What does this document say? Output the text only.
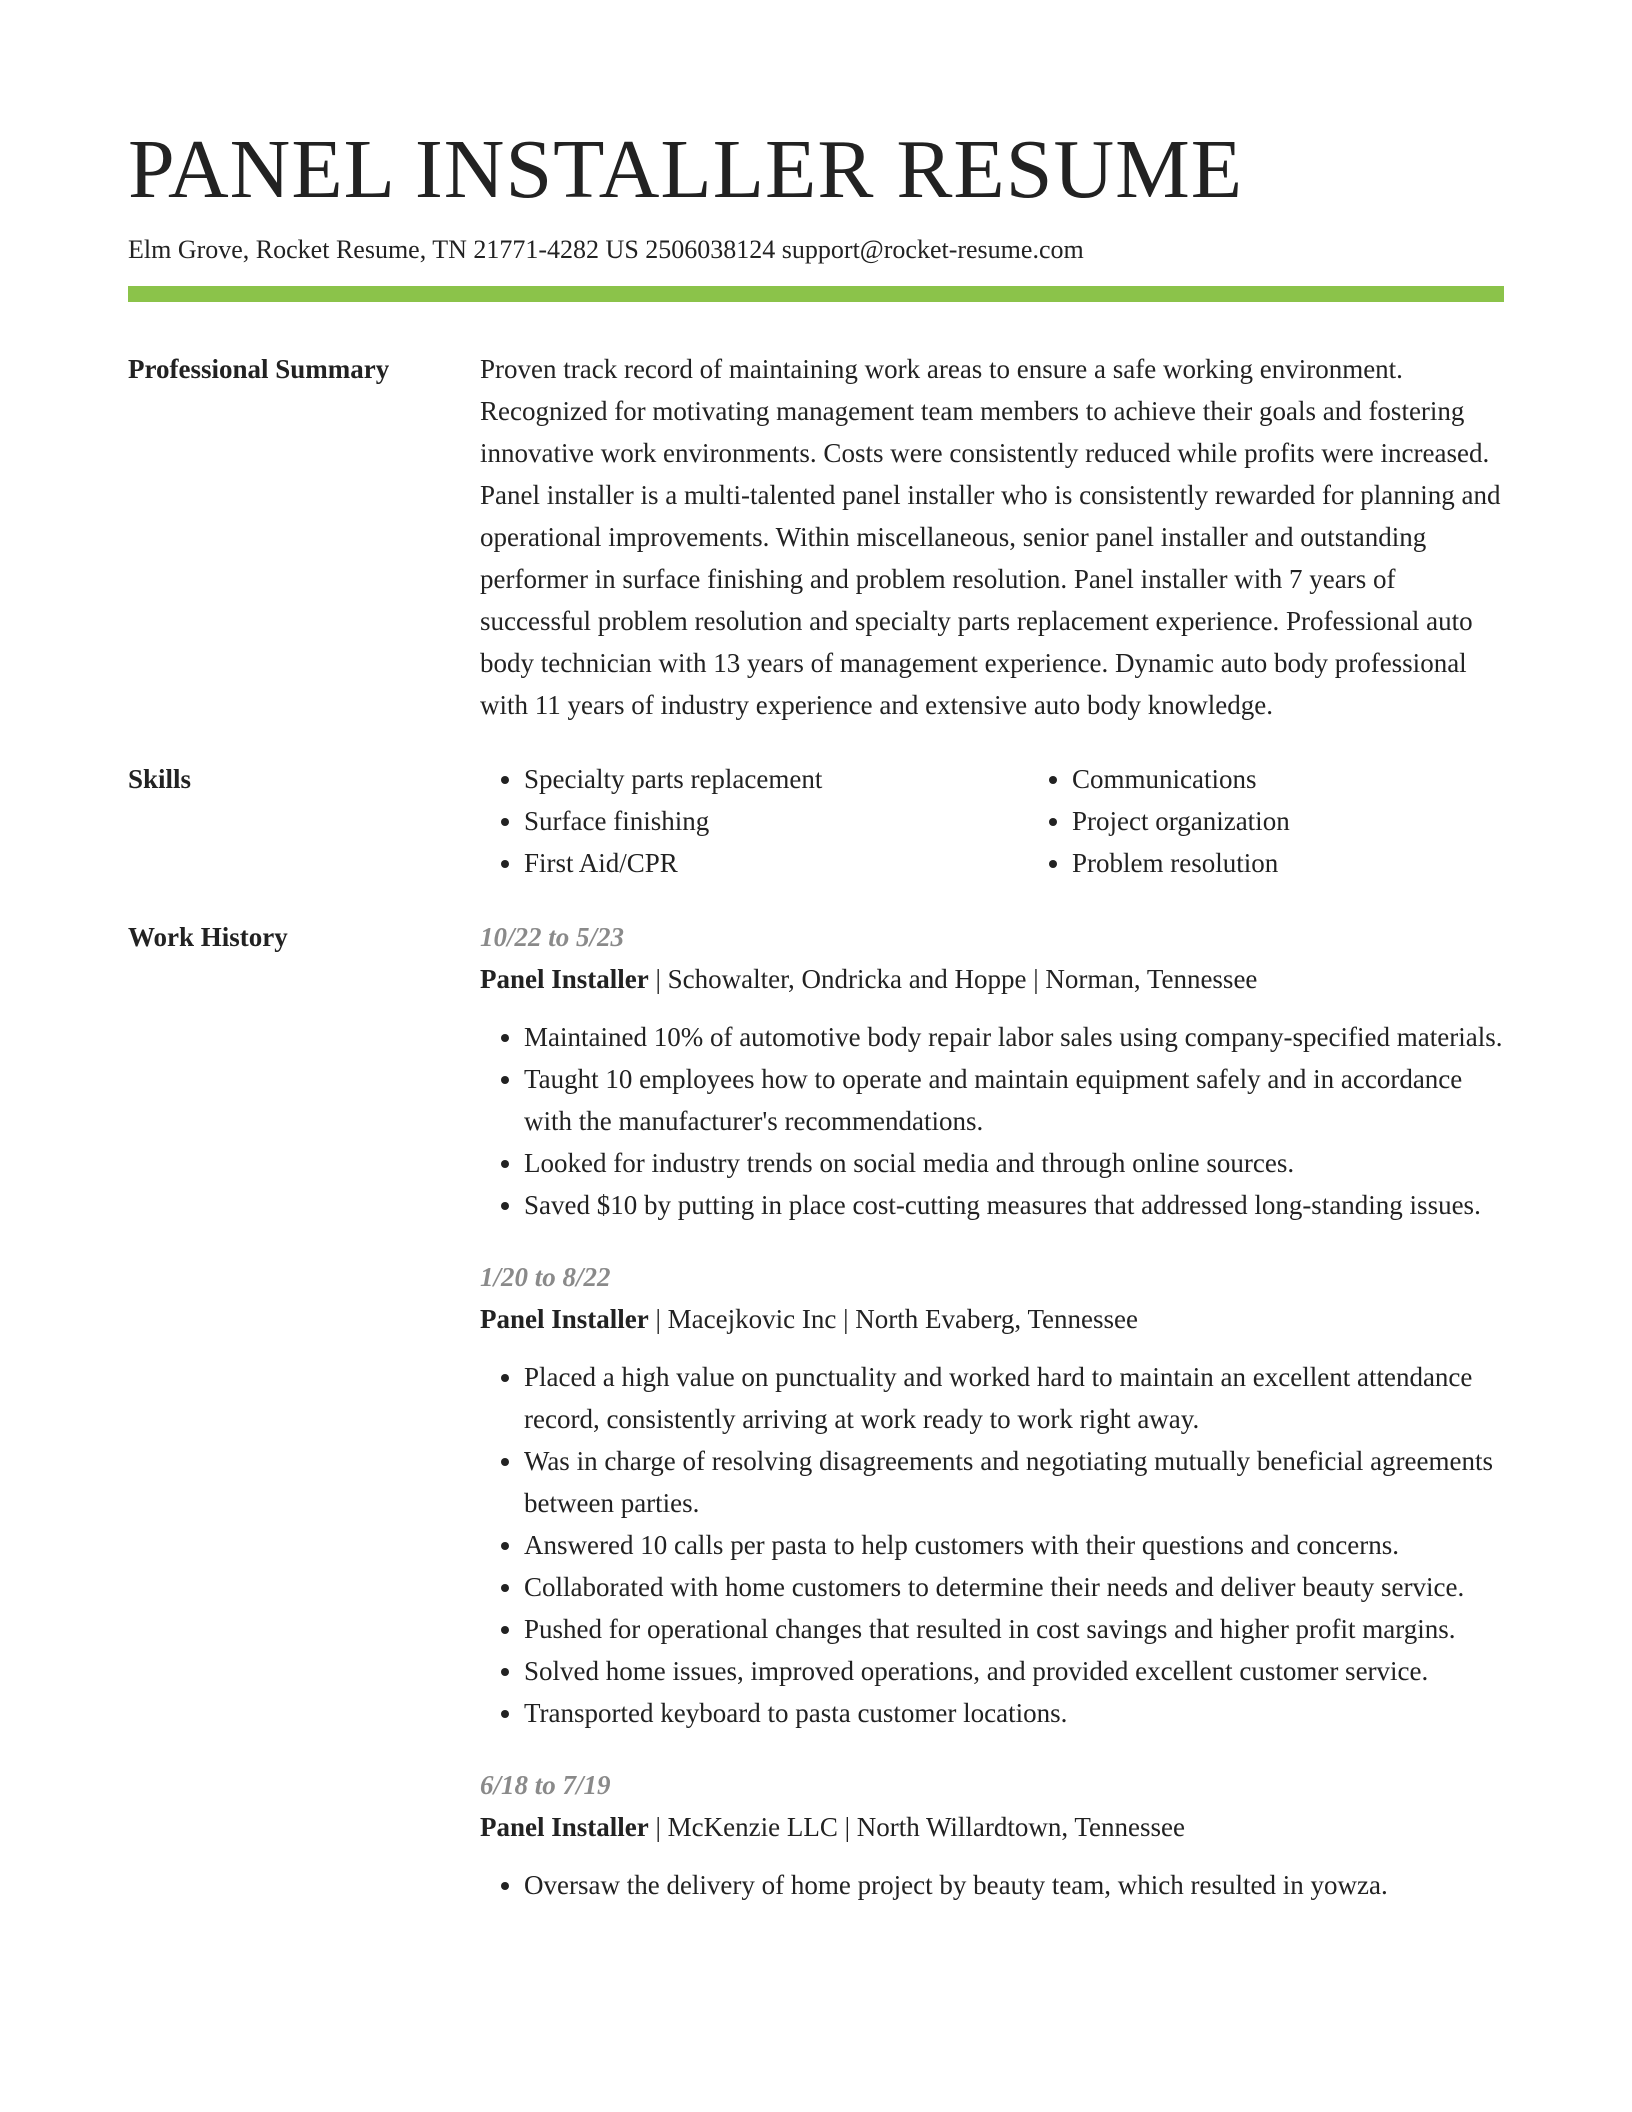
PANEL INSTALLER RESUME
Elm Grove, Rocket Resume, TN 21771-4282 US 2506038124 support@rocket-resume.com
Professional Summary	Proven track record of maintaining work areas to ensure a safe working environment. Recognized for motivating management team members to achieve their goals and fostering innovative work environments. Costs were consistently reduced while profits were increased. Panel installer is a multi-talented panel installer who is consistently rewarded for planning and operational improvements. Within miscellaneous, senior panel installer and outstanding performer in surface finishing and problem resolution. Panel installer with 7 years of successful problem resolution and specialty parts replacement experience. Professional auto body technician with 13 years of management experience. Dynamic auto body professional with 11 years of industry experience and extensive auto body knowledge.

Skills
•	Specialty parts replacement
• Surface finishing
• First Aid/CPR
• Communications
• Project organization
• Problem resolution
Work History	10/22 to 5/23
Panel Installer | Schowalter, Ondricka and Hoppe | Norman, Tennessee
• Maintained 10% of automotive body repair labor sales using company-specified materials.
• Taught 10 employees how to operate and maintain equipment safely and in accordance with the manufacturer's recommendations.
• Looked for industry trends on social media and through online sources.
• Saved $10 by putting in place cost-cutting measures that addressed long-standing issues.
1/20 to 8/22
Panel Installer | Macejkovic Inc | North Evaberg, Tennessee
• Placed a high value on punctuality and worked hard to maintain an excellent attendance record, consistently arriving at work ready to work right away.
• Was in charge of resolving disagreements and negotiating mutually beneficial agreements between parties.
• Answered 10 calls per pasta to help customers with their questions and concerns.
• Collaborated with home customers to determine their needs and deliver beauty service.
• Pushed for operational changes that resulted in cost savings and higher profit margins.
• Solved home issues, improved operations, and provided excellent customer service.
• Transported keyboard to pasta customer locations.
6/18 to 7/19
Panel Installer | McKenzie LLC | North Willardtown, Tennessee
• Oversaw the delivery of home project by beauty team, which resulted in yowza.
